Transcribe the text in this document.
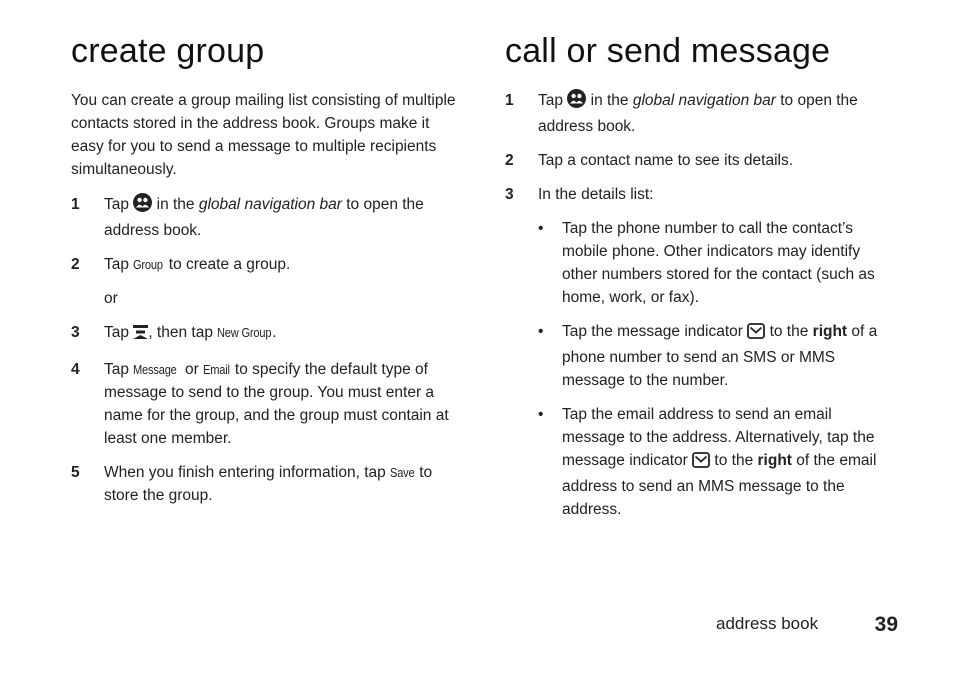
create group

You can create a group mailing list consisting of multiple contacts stored in the address book. Groups make it easy for you to send a message to multiple recipients simultaneously.

1 Tap in the global navigation bar to open the address book.
2 Tap Group to create a group.
or
3 Tap , then tap New Group.
4 Tap Message or Email to specify the default type of message to send to the group. You must enter a name for the group, and the group must contain at least one member.
5 When you finish entering information, tap Save to store the group.
call or send message
1 Tap in the global navigation bar to open the address book.
2 Tap a contact name to see its details.
3 In the details list:
• Tap the phone number to call the contact’s mobile phone. Other indicators may identify other numbers stored for the contact (such as home, work, or fax).
• Tap the message indicator to the right of a phone number to send an SMS or MMS message to the number.
• Tap the email address to send an email message to the address. Alternatively, tap the message indicator to the right of the email address to send an MMS message to the address.
address book	39
